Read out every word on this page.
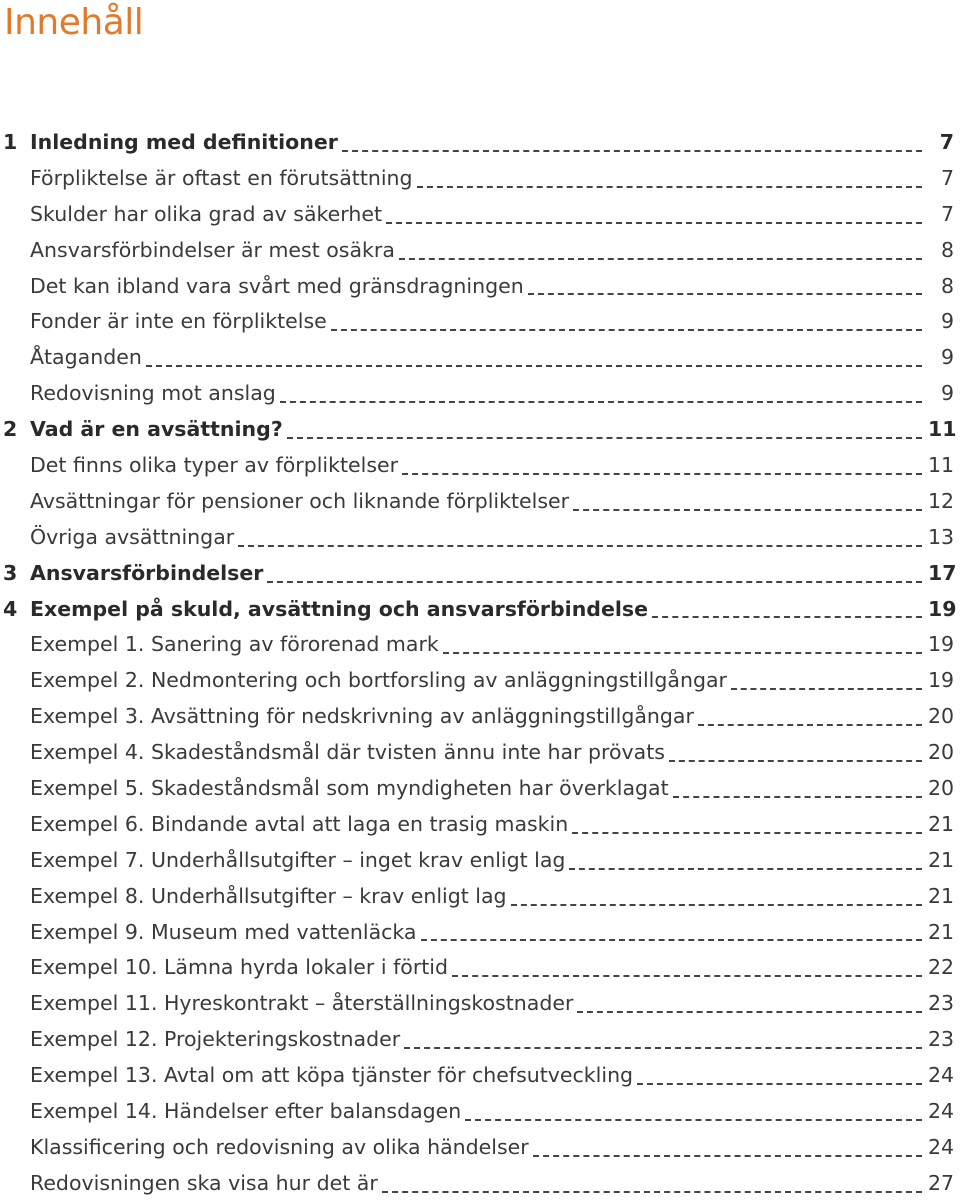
Innehåll
1 Inledning med definitioner	7
Förpliktelse är oftast en förutsättning	7
Skulder har olika grad av säkerhet	7
Ansvarsförbindelser är mest osäkra	8
Det kan ibland vara svårt med gränsdragningen	8
Fonder är inte en förpliktelse	9
Åtaganden	9
Redovisning mot anslag	9
2 Vad är en avsättning?	11
Det finns olika typer av förpliktelser	11
Avsättningar för pensioner och liknande förpliktelser	12
Övriga avsättningar	13
3 Ansvarsförbindelser	17
4 Exempel på skuld, avsättning och ansvarsförbindelse	19
Exempel 1. Sanering av förorenad mark	19
Exempel 2. Nedmontering och bortforsling av anläggningstillgångar	19
Exempel 3. Avsättning för nedskrivning av anläggningstillgångar	20
Exempel 4. Skadeståndsmål där tvisten ännu inte har prövats	20
Exempel 5. Skadeståndsmål som myndigheten har överklagat	20
Exempel 6. Bindande avtal att laga en trasig maskin	21
Exempel 7. Underhållsutgifter – inget krav enligt lag	21
Exempel 8. Underhållsutgifter – krav enligt lag	21
Exempel 9. Museum med vattenläcka	21
Exempel 10. Lämna hyrda lokaler i förtid	22
Exempel 11. Hyreskontrakt – återställningskostnader	23
Exempel 12. Projekteringskostnader	23
Exempel 13. Avtal om att köpa tjänster för chefsutveckling	24
Exempel 14. Händelser efter balansdagen	24
Klassificering och redovisning av olika händelser	24
Redovisningen ska visa hur det är	27
